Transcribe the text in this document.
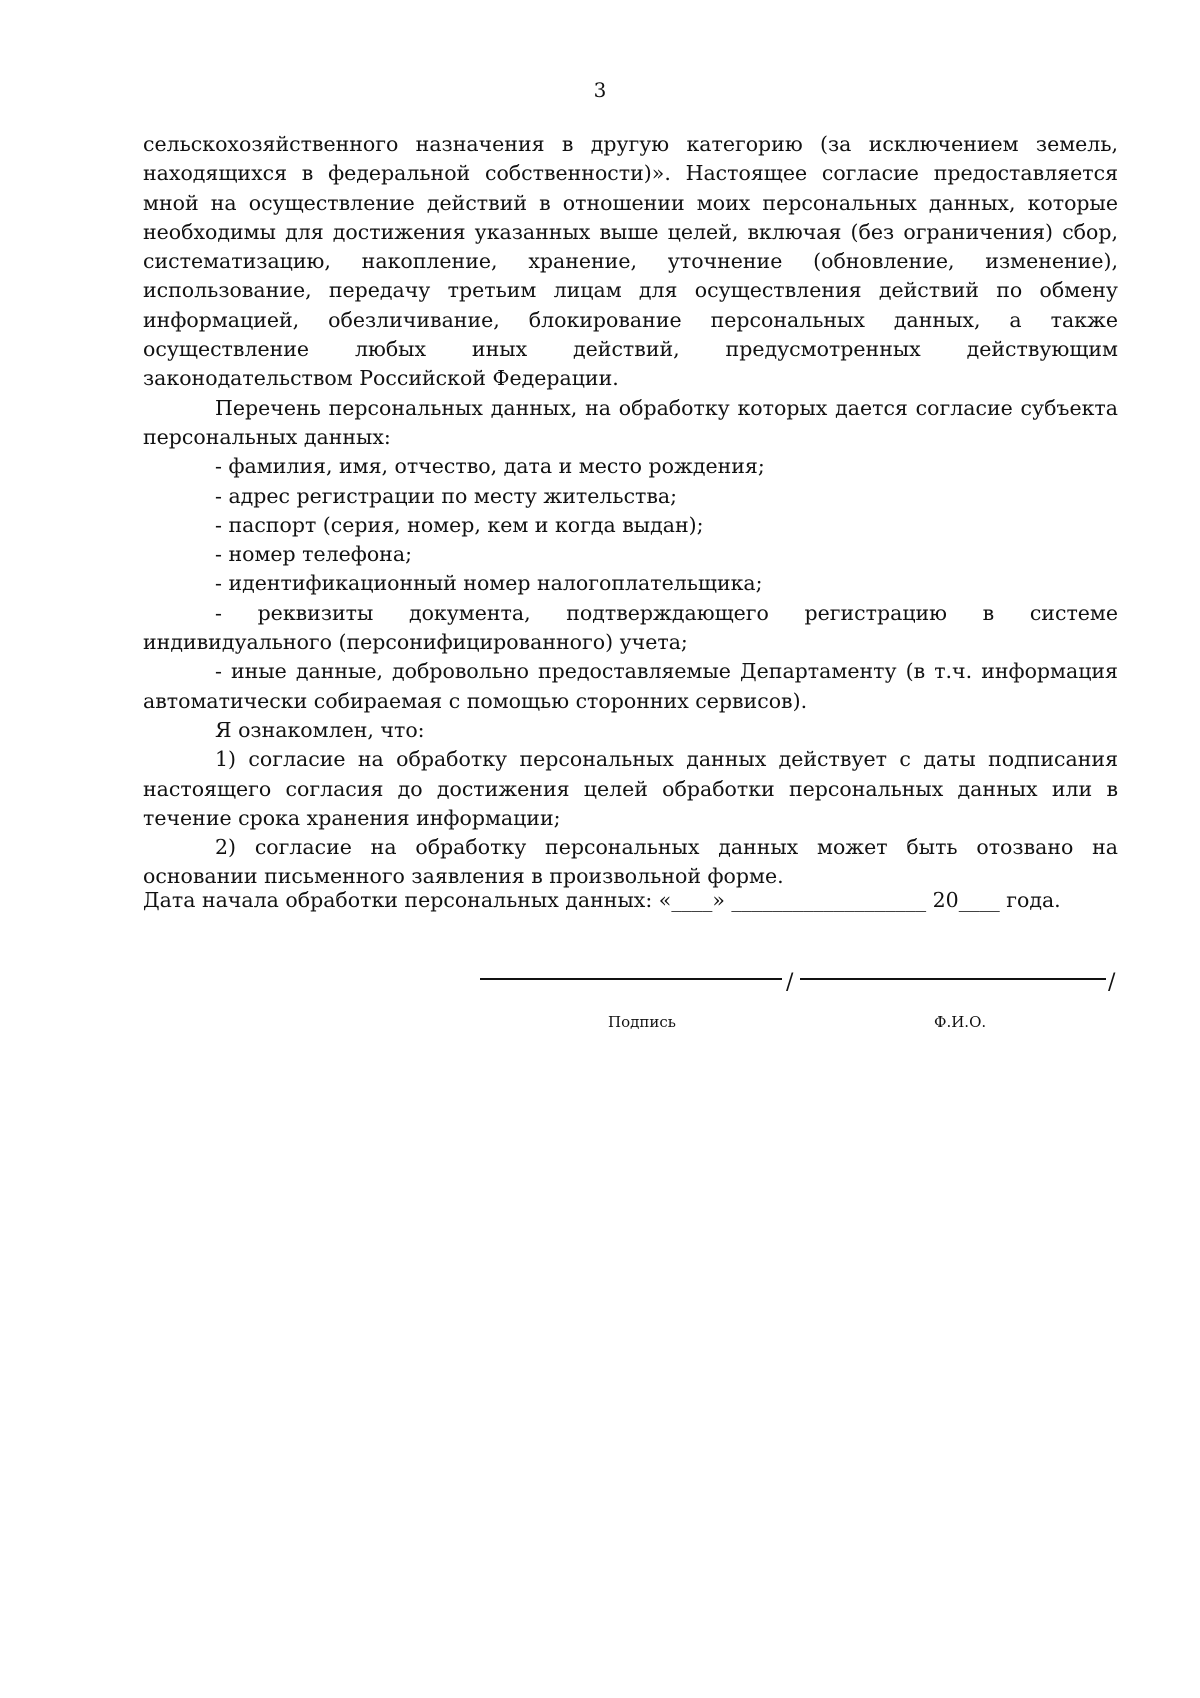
3

сельскохозяйственного назначения в другую категорию (за исключением земель, находящихся в федеральной собственности)». Настоящее согласие предоставляется мной на осуществление действий в отношении моих персональных данных, которые необходимы для достижения указанных выше целей, включая (без ограничения) сбор, систематизацию, накопление, хранение, уточнение (обновление, изменение), использование, передачу третьим лицам для осуществления действий по обмену информацией, обезличивание, блокирование персональных данных, а также осуществление любых иных действий, предусмотренных действующим законодательством Российской Федерации.

Перечень персональных данных, на обработку которых дается согласие субъекта персональных данных:

- фамилия, имя, отчество, дата и место рождения;

- адрес регистрации по месту жительства;

- паспорт (серия, номер, кем и когда выдан);

- номер телефона;

- идентификационный номер налогоплательщика;

- реквизиты документа, подтверждающего регистрацию в системе индивидуального (персонифицированного) учета;

- иные данные, добровольно предоставляемые Департаменту (в т.ч. информация автоматически собираемая с помощью сторонних сервисов).

Я ознакомлен, что:

1) согласие на обработку персональных данных действует с даты подписания настоящего согласия до достижения целей обработки персональных данных или в течение срока хранения информации;

2) согласие на обработку персональных данных может быть отозвано на основании письменного заявления в произвольной форме.

Дата начала обработки персональных данных: «____» ___________________ 20____ года.
/	/
Подпись	Ф.И.О.
